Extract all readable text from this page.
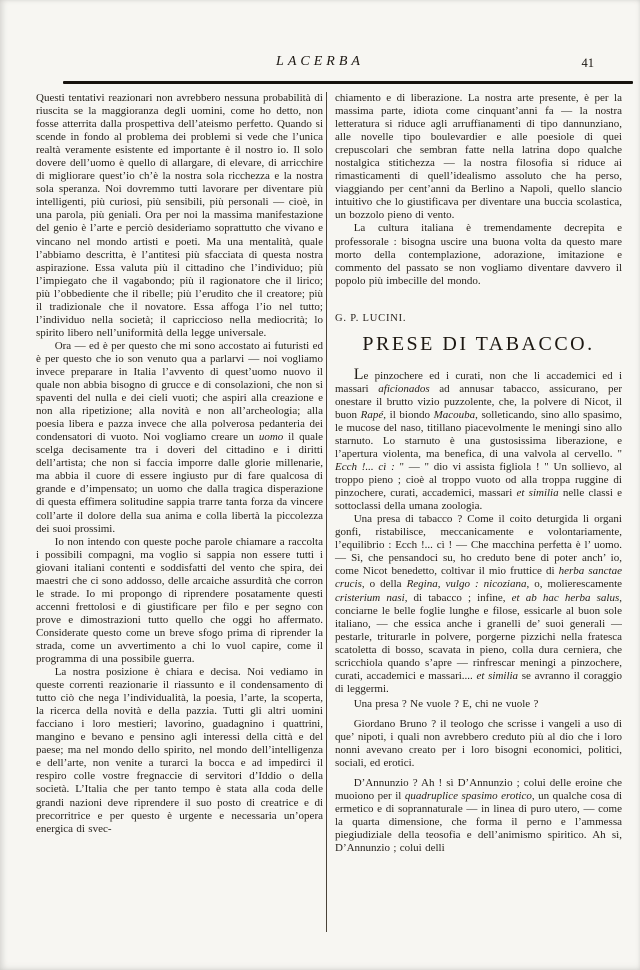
LACERBA	41

Questi tentativi reazionari non avrebbero nessuna probabilità di riuscita se la maggioranza degli uomini, come ho detto, non fosse atterrita dalla prospettiva dell’ateismo perfetto. Quando si scende in fondo al problema dei problemi si vede che l’unica realtà veramente esistente ed importante è il nostro io. Il solo dovere dell’uomo è quello di allargare, di elevare, di arricchire di migliorare quest’io ch’è la nostra sola ricchezza e la nostra sola speranza. Noi dovremmo tutti lavorare per diventare più intelligenti, più curiosi, più sensibili, più personali — cioè, in una parola, più geniali. Ora per noi la massima manifestazione del genio è l’arte e perciò desideriamo soprattutto che vivano e vincano nel mondo artisti e poeti. Ma una mentalità, quale l’abbiamo descritta, è l’antitesi più sfacciata di questa nostra aspirazione. Essa valuta più il cittadino che l’individuo; più l’impiegato che il vagabondo; più il ragionatore che il lirico; più l’obbediente che il ribelle; più l’erudito che il creatore; più il tradizionale che il novatore. Essa affoga l’io nel tutto; l’individuo nella società; il capriccioso nella mediocrità; lo spirito libero nell’uniformità della legge universale.

Ora — ed è per questo che mi sono accostato ai futuristi ed è per questo che io son venuto qua a parlarvi — noi vogliamo invece preparare in Italia l’avvento di quest’uomo nuovo il quale non abbia bisogno di grucce e di consolazioni, che non si spaventi del nulla e dei cieli vuoti; che aspiri alla creazione e non alla ripetizione; alla novità e non all’archeologia; alla poesia libera e pazza invece che alla polverosa pedanteria dei condensatori di vuoto. Noi vogliamo creare un uomo il quale scelga decisamente tra i doveri del cittadino e i diritti dell’artista; che non si faccia imporre dalle glorie millenarie, ma abbia il cuore di essere ingiusto pur di fare qualcosa di grande e d’impensato; un uomo che dalla tragica disperazione di questa effimera solitudine sappia trarre tanta forza da vincere coll’arte il dolore della sua anima e colla libertà la piccolezza dei suoi prossimi.

Io non intendo con queste poche parole chiamare a raccolta i possibili compagni, ma voglio si sappia non essere tutti i giovani italiani contenti e soddisfatti del vento che spira, dei maestri che ci sono addosso, delle arcaiche assurdità che corron le strade. Io mi propongo di riprendere posatamente questi accenni frettolosi e di giustificare per filo e per segno con prove e dimostrazioni tutto quello che oggi ho affermato. Considerate questo come un breve sfogo prima di riprender la strada, come un avvertimento a chi lo vuol capire, come il programma di una possibile guerra.

La nostra posizione è chiara e decisa. Noi vediamo in queste correnti reazionarie il riassunto e il condensamento di tutto ciò che nega l’individualità, la poesia, l’arte, la scoperta, la ricerca della novità e della pazzia. Tutti gli altri uomini facciano i loro mestieri; lavorino, guadagnino i quattrini, mangino e bevano e pensino agli interessi della città e del paese; ma nel mondo dello spirito, nel mondo dell’intelligenza e dell’arte, non venite a turarci la bocca e ad impedirci il respiro colle vostre fregnaccie di servitori d’Iddio o della società. L’Italia che per tanto tempo è stata alla coda delle grandi nazioni deve riprendere il suo posto di creatrice e di precorritrice e per questo è urgente e necessaria un’opera energica di svec-

chiamento e di liberazione. La nostra arte presente, è per la massima parte, idiota come cinquant’anni fa — la nostra letteratura si riduce agli arruffianamenti di tipo dannunziano, alle novelle tipo boulevardier e alle poesiole di quei crepuscolari che sembran fatte nella latrina dopo qualche nostalgica stitichezza — la nostra filosofia si riduce ai rimasticamenti di quell’idealismo assoluto che ha perso, viaggiando per cent’anni da Berlino a Napoli, quello slancio intuitivo che lo giustificava per diventare una buccia scolastica, un bozzolo pieno di vento.

La cultura italiana è tremendamente decrepita e professorale : bisogna uscire una buona volta da questo mare morto della contemplazione, adorazione, imitazione e commento del passato se non vogliamo diventare davvero il popolo più imbecille del mondo.

G. P. LUCINI.
PRESE DI TABACCO.

Le pinzochere ed i curati, non che li accademici ed i massari aficionados ad annusar tabacco, assicurano, per onestare il brutto vizio puzzolente, che, la polvere di Nicot, il buon Rapé, il biondo Macouba, solleticando, sino allo spasimo, le mucose del naso, titillano piacevolmente le meningi sino allo starnuto. Lo starnuto è una gustosissima liberazione, e l’apertura violenta, ma benefica, di una valvola al cervello. " Ecch !... cì : " — " dio vi assista figliola ! " Un sollievo, al troppo pieno ; cioè al troppo vuoto od alla troppa ruggine di pinzochere, curati, accademici, massari et similia nelle classi e sottoclassi della umana zoologia.

Una presa di tabacco ? Come il coito deturgida li organi gonfi, ristabilisce, meccanicamente e volontariamente, l’equilibrio : Ecch !... cì ! — Che macchina perfetta è l’ uomo. — Sì, che pensandoci su, ho creduto bene di poter anch’ io, come Nicot benedetto, coltivar il mio fruttice di herba sanctae crucis, o della Regina, vulgo : nicoziana, o, molierescamente cristerium nasi, di tabacco ; infine, et ab hac herba salus, conciarne le belle foglie lunghe e filose, essicarle al buon sole italiano, — che essica anche i granelli de’ suoi generali — pestarle, triturarle in polvere, porgerne pizzichi nella fratesca scatoletta di bosso, scavata in pieno, colla dura cerniera, che scricchiola quando s’apre — rinfrescar meningi a pinzochere, curati, accademici e massari.... et similia se avranno il coraggio di leggermi.

Una presa ? Ne vuole ? E, chi ne vuole ?

Giordano Bruno ? il teologo che scrisse i vangeli a uso di que’ nipoti, i quali non avrebbero creduto più al dio che i loro nonni avevano creato per i loro bisogni economici, politici, sociali, ed erotici.

D’Annunzio ? Ah ! sì D’Annunzio ; colui delle eroine che muoiono per il quadruplice spasimo erotico, un qualche cosa di ermetico e di soprannaturale — in linea di puro utero, — come la quarta dimensione, che forma il perno e l’ammessa piegiudiziale della teosofia e dell’animismo spiritico. Ah sì, D’Annunzio ; colui delli
